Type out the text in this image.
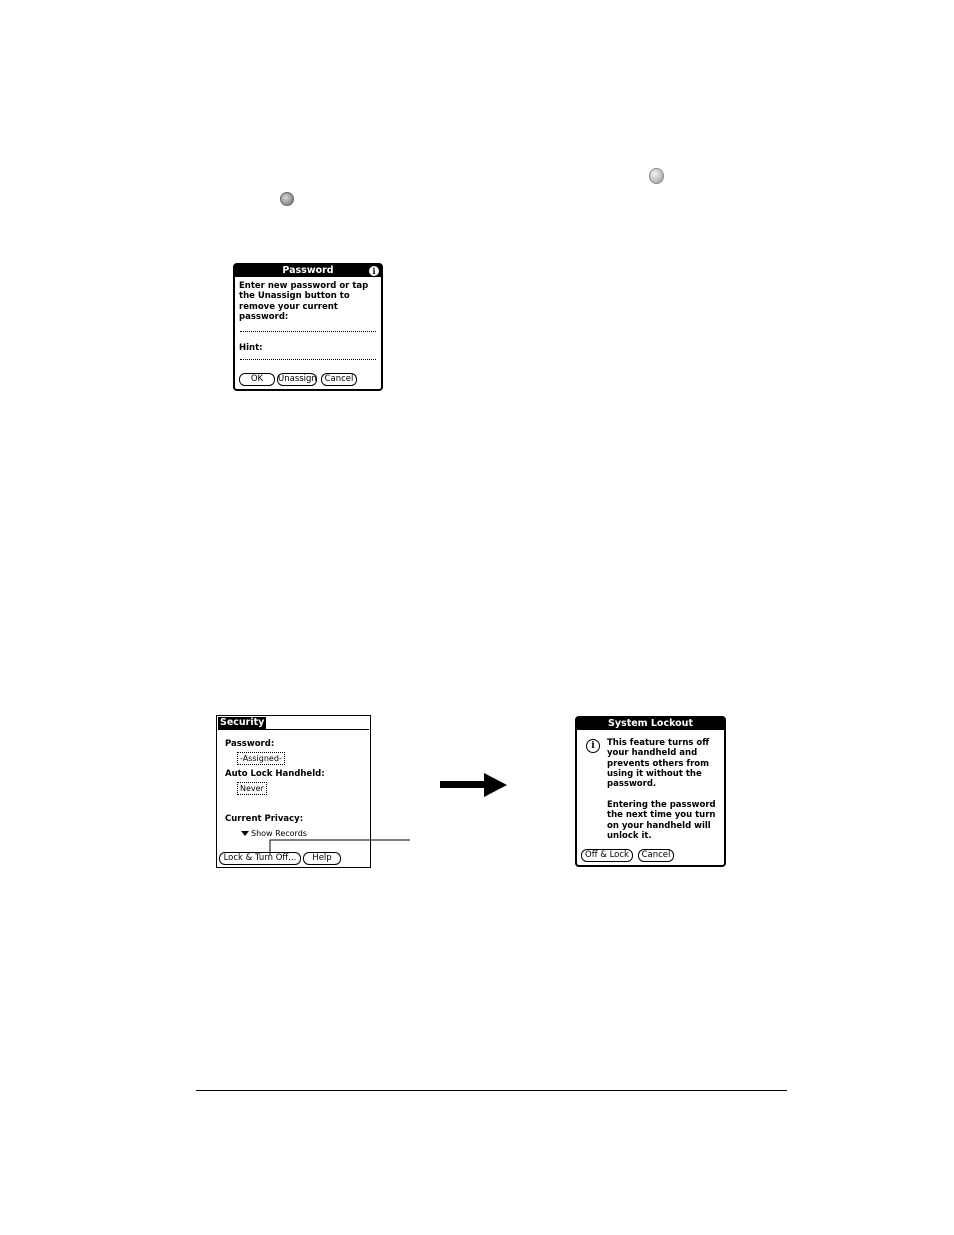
Password	i
Enter new password or tap the Unassign button to remove your current password:
Hint:
OK	Unassign Cancel
Security
Password:
-Assigned-
Auto Lock Handheld:
Never
Current Privacy:
Show Records
Lock & Turn Off...	Help
System Lockout
i	This feature turns off your handheld and prevents others from using it without the password.
Entering the password the next time you turn on your handheld will unlock it.
Off & Lock	Cancel
